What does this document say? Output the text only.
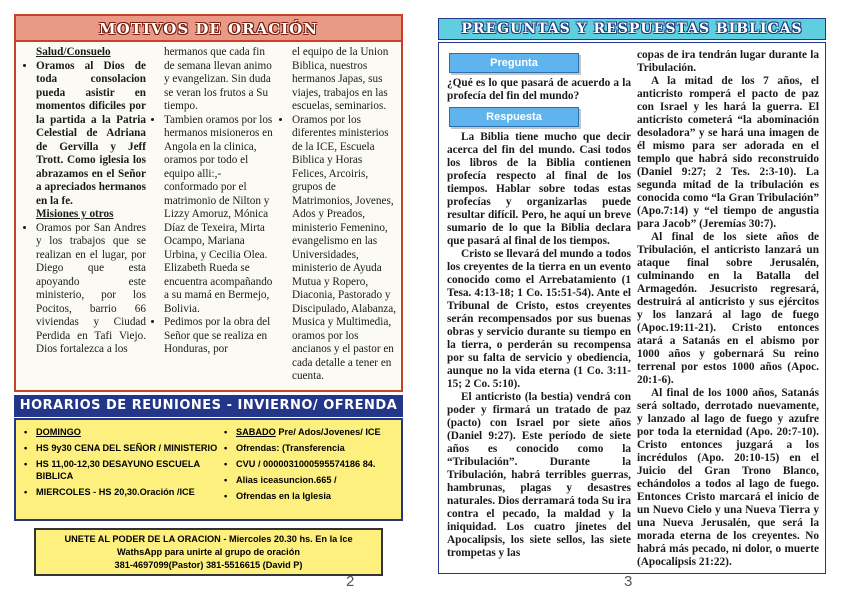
MOTIVOS DE ORACIÓN
Salud/Consuelo
• Oramos al Dios de toda consolacion pueda asistir en momentos dificiles por la partida a la Patria Celestial de Adriana de Gervilla y Jeff Trott. Como iglesia los abrazamos en el Señor a apreciados hermanos en la fe.
Misiones y otros
• Oramos por San Andres y los trabajos que se realizan en el lugar, por Diego que esta apoyando este ministerio, por los Pocitos, barrio 66 viviendas y Ciudad Perdida en Tafi Viejo. Dios fortalezca a los
hermanos que cada fin de semana llevan animo y evangelizan. Sin duda se veran los frutos a Su tiempo.
• Tambien oramos por los hermanos misioneros en Angola en la clinica, oramos por todo el equipo alli:,- conformado por el matrimonio de Nilton y Lizzy Amoruz, Mónica Díaz de Texeira, Mirta Ocampo, Mariana Urbina, y Cecilia Olea. Elizabeth Rueda se encuentra acompañando a su mamá en Bermejo, Bolivia.
• Pedimos por la obra del Señor que se realiza en Honduras, por
el equipo de la Union Biblica, nuestros hermanos Japas, sus viajes, trabajos en las escuelas, seminarios.
• Oramos por los diferentes ministerios de la ICE, Escuela Biblica y Horas Felices, Arcoiris, grupos de Matrimonios, Jovenes, Ados y Preados, ministerio Femenino, evangelismo en las Universidades, ministerio de Ayuda Mutua y Ropero, Diaconia, Pastorado y Discipulado, Alabanza, Musica y Multimedia, oramos por los ancianos y el pastor en cada detalle a tener en cuenta.
HORARIOS DE REUNIONES - INVIERNO/ OFRENDA
• DOMINGO
• HS 9y30 CENA DEL SEÑOR / MINISTERIO
• HS 11,00-12,30 DESAYUNO ESCUELA BIBLICA
• MIERCOLES - HS 20,30.Oración /ICE
• SABADO Pre/ Ados/Jovenes/ ICE
• Ofrendas: (Transferencia
• CVU / 0000031000595574186 84.
• Alias iceasuncion.665 /
• Ofrendas en la Iglesia
UNETE AL PODER DE LA ORACION - Miercoles 20.30 hs. En la Ice
WathsApp para unirte al grupo de oración
381-4697099(Pastor) 381-5516615 (David P)
2
PREGUNTAS Y RESPUESTAS BIBLICAS
Pregunta

¿Qué es lo que pasará de acuerdo a la profecía del fin del mundo?

Respuesta

La Biblia tiene mucho que decir acerca del fin del mundo. Casi todos los libros de la Biblia contienen profecía respecto al final de los tiempos. Hablar sobre todas estas profecías y organizarlas puede resultar difícil. Pero, he aquí un breve sumario de lo que la Biblia declara que pasará al final de los tiempos.

Cristo se llevará del mundo a todos los creyentes de la tierra en un evento conocido como el Arrebatamiento (1 Tesa. 4:13-18; 1 Co. 15:51-54). Ante el Tribunal de Cristo, estos creyentes serán recompensados por sus buenas obras y servicio durante su tiempo en la tierra, o perderán su recompensa por su falta de servicio y obediencia, aunque no la vida eterna (1 Co. 3:11-15; 2 Co. 5:10).

El anticristo (la bestia) vendrá con poder y firmará un tratado de paz (pacto) con Israel por siete años (Daniel 9:27). Este período de siete años es conocido como la “Tribulación”. Durante la Tribulación, habrá terribles guerras, hambrunas, plagas y desastres naturales. Dios derramará toda Su ira contra el pecado, la maldad y la iniquidad. Los cuatro jinetes del Apocalipsis, los siete sellos, las siete trompetas y las

copas de ira tendrán lugar durante la Tribulación.

A la mitad de los 7 años, el anticristo romperá el pacto de paz con Israel y les hará la guerra. El anticristo cometerá “la abominación desoladora” y se hará una imagen de él mismo para ser adorada en el templo que habrá sido reconstruido (Daniel 9:27; 2 Tes. 2:3-10). La segunda mitad de la tribulación es conocida como “la Gran Tribulación” (Apo.7:14) y “el tiempo de angustia para Jacob” (Jeremías 30:7).

Al final de los siete años de Tribulación, el anticristo lanzará un ataque final sobre Jerusalén, culminando en la Batalla del Armagedón. Jesucristo regresará, destruirá al anticristo y sus ejércitos y los lanzará al lago de fuego (Apoc.19:11-21). Cristo entonces atará a Satanás en el abismo por 1000 años y gobernará Su reino terrenal por estos 1000 años (Apoc. 20:1-6).

Al final de los 1000 años, Satanás será soltado, derrotado nuevamente, y lanzado al lago de fuego y azufre por toda la eternidad (Apo. 20:7-10). Cristo entonces juzgará a los incrédulos (Apo. 20:10-15) en el Juicio del Gran Trono Blanco, echándolos a todos al lago de fuego. Entonces Cristo marcará el inicio de un Nuevo Cielo y una Nueva Tierra y una Nueva Jerusalén, que será la morada eterna de los creyentes. No habrá más pecado, ni dolor, o muerte (Apocalipsis 21:22).

3
